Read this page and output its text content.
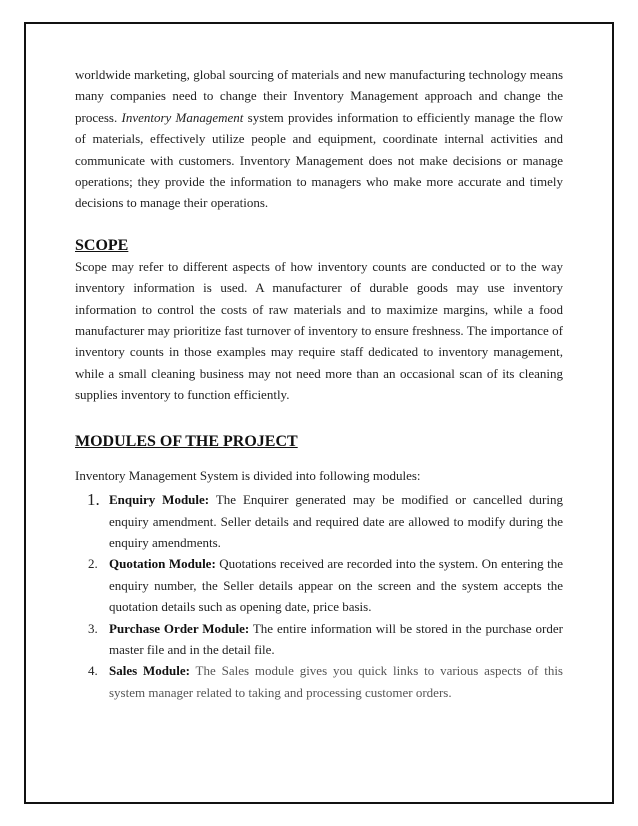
worldwide marketing, global sourcing of materials and new manufacturing technology means many companies need to change their Inventory Management approach and change the process. Inventory Management system provides information to efficiently manage the flow of materials, effectively utilize people and equipment, coordinate internal activities and communicate with customers. Inventory Management does not make decisions or manage operations; they provide the information to managers who make more accurate and timely decisions to manage their operations.

SCOPE

Scope may refer to different aspects of how inventory counts are conducted or to the way inventory information is used. A manufacturer of durable goods may use inventory information to control the costs of raw materials and to maximize margins, while a food manufacturer may prioritize fast turnover of inventory to ensure freshness. The importance of inventory counts in those examples may require staff dedicated to inventory management, while a small cleaning business may not need more than an occasional scan of its cleaning supplies inventory to function efficiently.

MODULES OF THE PROJECT

Inventory Management System is divided into following modules:

1. Enquiry Module: The Enquirer generated may be modified or cancelled during enquiry amendment. Seller details and required date are allowed to modify during the enquiry amendments.
2. Quotation Module: Quotations received are recorded into the system. On entering the enquiry number, the Seller details appear on the screen and the system accepts the quotation details such as opening date, price basis.
3. Purchase Order Module: The entire information will be stored in the purchase order master file and in the detail file.
4. Sales Module: The Sales module gives you quick links to various aspects of this system manager related to taking and processing customer orders.
